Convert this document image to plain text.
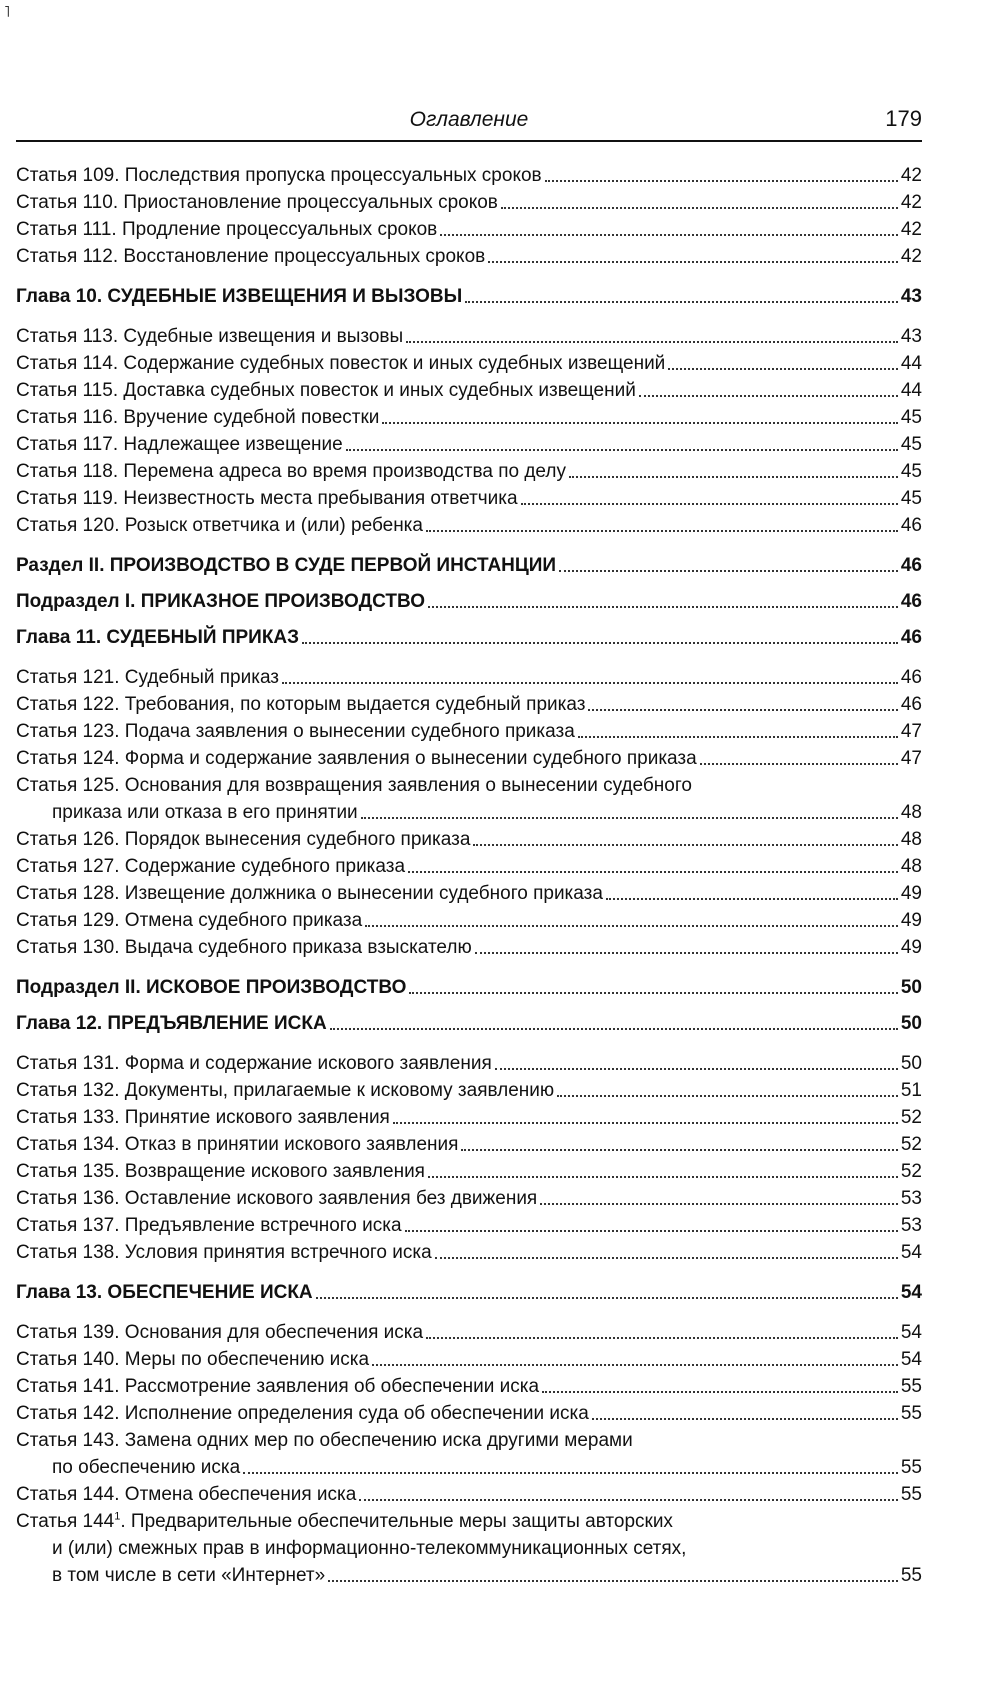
˥
Оглавление	179
Статья 109. Последствия пропуска процессуальных сроков	42
Статья 110. Приостановление процессуальных сроков	42
Статья 111. Продление процессуальных сроков	42
Статья 112. Восстановление процессуальных сроков	42
Глава 10. СУДЕБНЫЕ ИЗВЕЩЕНИЯ И ВЫЗОВЫ	43
Статья 113. Судебные извещения и вызовы	43
Статья 114. Содержание судебных повесток и иных судебных извещений	44
Статья 115. Доставка судебных повесток и иных судебных извещений	44
Статья 116. Вручение судебной повестки	45
Статья 117. Надлежащее извещение	45
Статья 118. Перемена адреса во время производства по делу	45
Статья 119. Неизвестность места пребывания ответчика	45
Статья 120. Розыск ответчика и (или) ребенка	46
Раздел II. ПРОИЗВОДСТВО В СУДЕ ПЕРВОЙ ИНСТАНЦИИ	46
Подраздел I. ПРИКАЗНОЕ ПРОИЗВОДСТВО	46
Глава 11. СУДЕБНЫЙ ПРИКАЗ	46
Статья 121. Судебный приказ	46
Статья 122. Требования, по которым выдается судебный приказ	46
Статья 123. Подача заявления о вынесении судебного приказа	47
Статья 124. Форма и содержание заявления о вынесении судебного приказа	47
Статья 125. Основания для возвращения заявления о вынесении судебного
приказа или отказа в его принятии	48
Статья 126. Порядок вынесения судебного приказа	48
Статья 127. Содержание судебного приказа	48
Статья 128. Извещение должника о вынесении судебного приказа	49
Статья 129. Отмена судебного приказа	49
Статья 130. Выдача судебного приказа взыскателю	49
Подраздел II. ИСКОВОЕ ПРОИЗВОДСТВО	50
Глава 12. ПРЕДЪЯВЛЕНИЕ ИСКА	50
Статья 131. Форма и содержание искового заявления	50
Статья 132. Документы, прилагаемые к исковому заявлению	51
Статья 133. Принятие искового заявления	52
Статья 134. Отказ в принятии искового заявления	52
Статья 135. Возвращение искового заявления	52
Статья 136. Оставление искового заявления без движения	53
Статья 137. Предъявление встречного иска	53
Статья 138. Условия принятия встречного иска	54
Глава 13. ОБЕСПЕЧЕНИЕ ИСКА	54
Статья 139. Основания для обеспечения иска	54
Статья 140. Меры по обеспечению иска	54
Статья 141. Рассмотрение заявления об обеспечении иска	55
Статья 142. Исполнение определения суда об обеспечении иска	55
Статья 143. Замена одних мер по обеспечению иска другими мерами
по обеспечению иска	55
Статья 144. Отмена обеспечения иска	55
Статья $144^1$. Предварительные обеспечительные меры защиты авторских
и (или) смежных прав в информационно-телекоммуникационных сетях,
в том числе в сети «Интернет»	55
